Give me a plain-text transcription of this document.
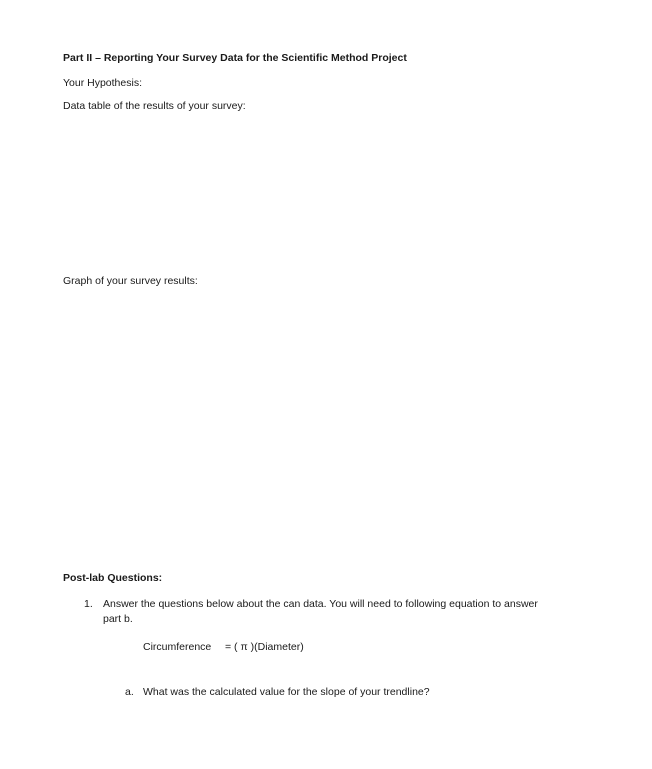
Part II – Reporting Your Survey Data for the Scientific Method Project
Your Hypothesis:
Data table of the results of your survey:
Graph of your survey results:
Post-lab Questions:
1. Answer the questions below about the can data. You will need to following equation to answer
part b.
Circumference = ( π )(Diameter)
a. What was the calculated value for the slope of your trendline?
